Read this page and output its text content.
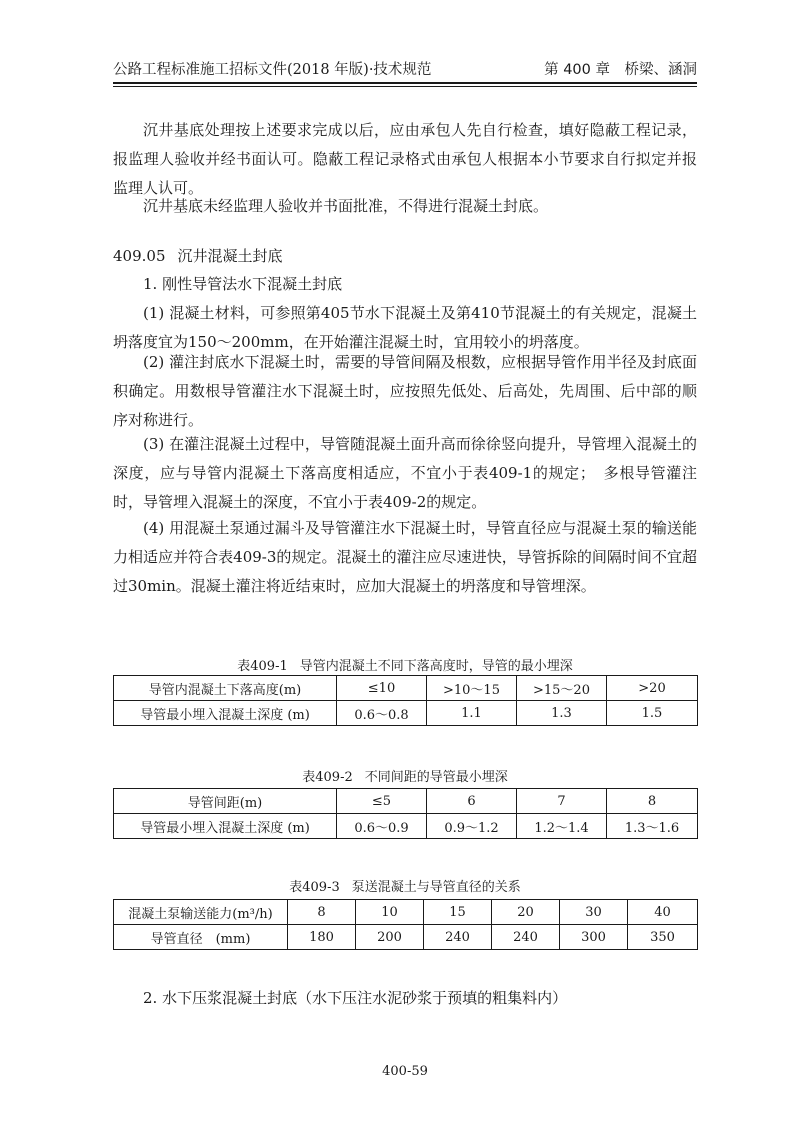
公路工程标准施工招标文件(2018 年版)·技术规范	第 400 章　桥梁、涵洞

沉井基底处理按上述要求完成以后，应由承包人先自行检查，填好隐蔽工程记录，报监理人验收并经书面认可。隐蔽工程记录格式由承包人根据本小节要求自行拟定并报监理人认可。

沉井基底未经监理人验收并书面批准，不得进行混凝土封底。

409.05 沉井混凝土封底

1. 刚性导管法水下混凝土封底

(1) 混凝土材料，可参照第405节水下混凝土及第410节混凝土的有关规定，混凝土坍落度宜为150～200mm，在开始灌注混凝土时，宜用较小的坍落度。

(2) 灌注封底水下混凝土时，需要的导管间隔及根数，应根据导管作用半径及封底面积确定。用数根导管灌注水下混凝土时，应按照先低处、后高处，先周围、后中部的顺序对称进行。

(3) 在灌注混凝土过程中，导管随混凝土面升高而徐徐竖向提升，导管埋入混凝土的深度，应与导管内混凝土下落高度相适应，不宜小于表409-1的规定；　多根导管灌注时，导管埋入混凝土的深度，不宜小于表409-2的规定。

(4) 用混凝土泵通过漏斗及导管灌注水下混凝土时，导管直径应与混凝土泵的输送能力相适应并符合表409-3的规定。混凝土的灌注应尽速进快，导管拆除的间隔时间不宜超过30min。混凝土灌注将近结束时，应加大混凝土的坍落度和导管埋深。

表409-1 导管内混凝土不同下落高度时，导管的最小埋深
导管内混凝土下落高度(m)	≤10	>10～15	>15～20	>20
导管最小埋入混凝土深度 (m)	0.6～0.8	1.1	1.3	1.5
表409-2 不同间距的导管最小埋深
导管间距(m)	≤5	6	7	8
导管最小埋入混凝土深度 (m)	0.6～0.9	0.9～1.2	1.2～1.4	1.3～1.6
表409-3 泵送混凝土与导管直径的关系
混凝土泵输送能力(m³/h)	8	10	15	20	30	40
导管直径　(mm)	180	200	240	240	300	350

2. 水下压浆混凝土封底（水下压注水泥砂浆于预填的粗集料内）

400-59
